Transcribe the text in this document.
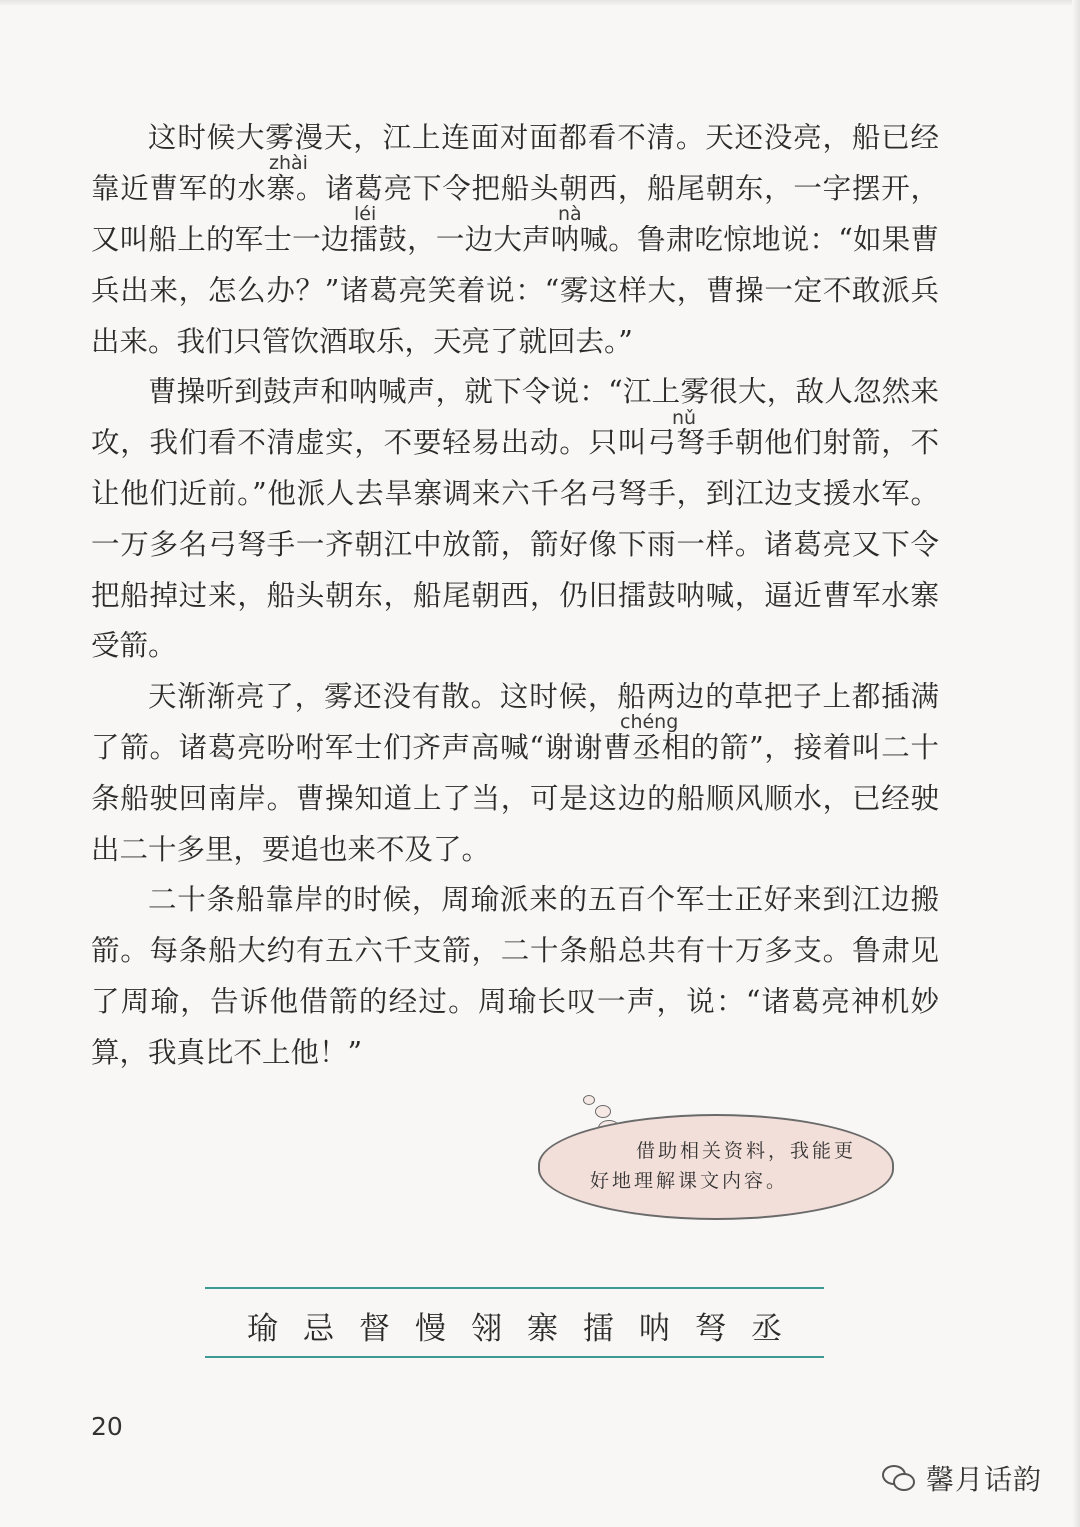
zhài
léi	nà
nǔ
chéng
这时候大雾漫天，江上连面对面都看不清。天还没亮，船已经
靠近曹军的水寨。诸葛亮下令把船头朝西，船尾朝东，一字摆开，
又叫船上的军士一边擂鼓，一边大声呐喊。鲁肃吃惊地说：“如果曹
兵出来，怎么办？”诸葛亮笑着说：“雾这样大，曹操一定不敢派兵
出来。我们只管饮酒取乐，天亮了就回去。”
曹操听到鼓声和呐喊声，就下令说：“江上雾很大，敌人忽然来
攻，我们看不清虚实，不要轻易出动。只叫弓弩手朝他们射箭，不
让他们近前。”他派人去旱寨调来六千名弓弩手，到江边支援水军。
一万多名弓弩手一齐朝江中放箭，箭好像下雨一样。诸葛亮又下令
把船掉过来，船头朝东，船尾朝西，仍旧擂鼓呐喊，逼近曹军水寨
受箭。
天渐渐亮了，雾还没有散。这时候，船两边的草把子上都插满
了箭。诸葛亮吩咐军士们齐声高喊“谢谢曹丞相的箭”，接着叫二十
条船驶回南岸。曹操知道上了当，可是这边的船顺风顺水，已经驶
出二十多里，要追也来不及了。
二十条船靠岸的时候，周瑜派来的五百个军士正好来到江边搬
箭。每条船大约有五六千支箭，二十条船总共有十万多支。鲁肃见
了周瑜，告诉他借箭的经过。周瑜长叹一声，说：“诸葛亮神机妙
算，我真比不上他！”
借助相关资料，我能更
好地理解课文内容。
瑜 忌 督 慢 翎 寨 擂 呐 弩 丞
20
馨月话韵
